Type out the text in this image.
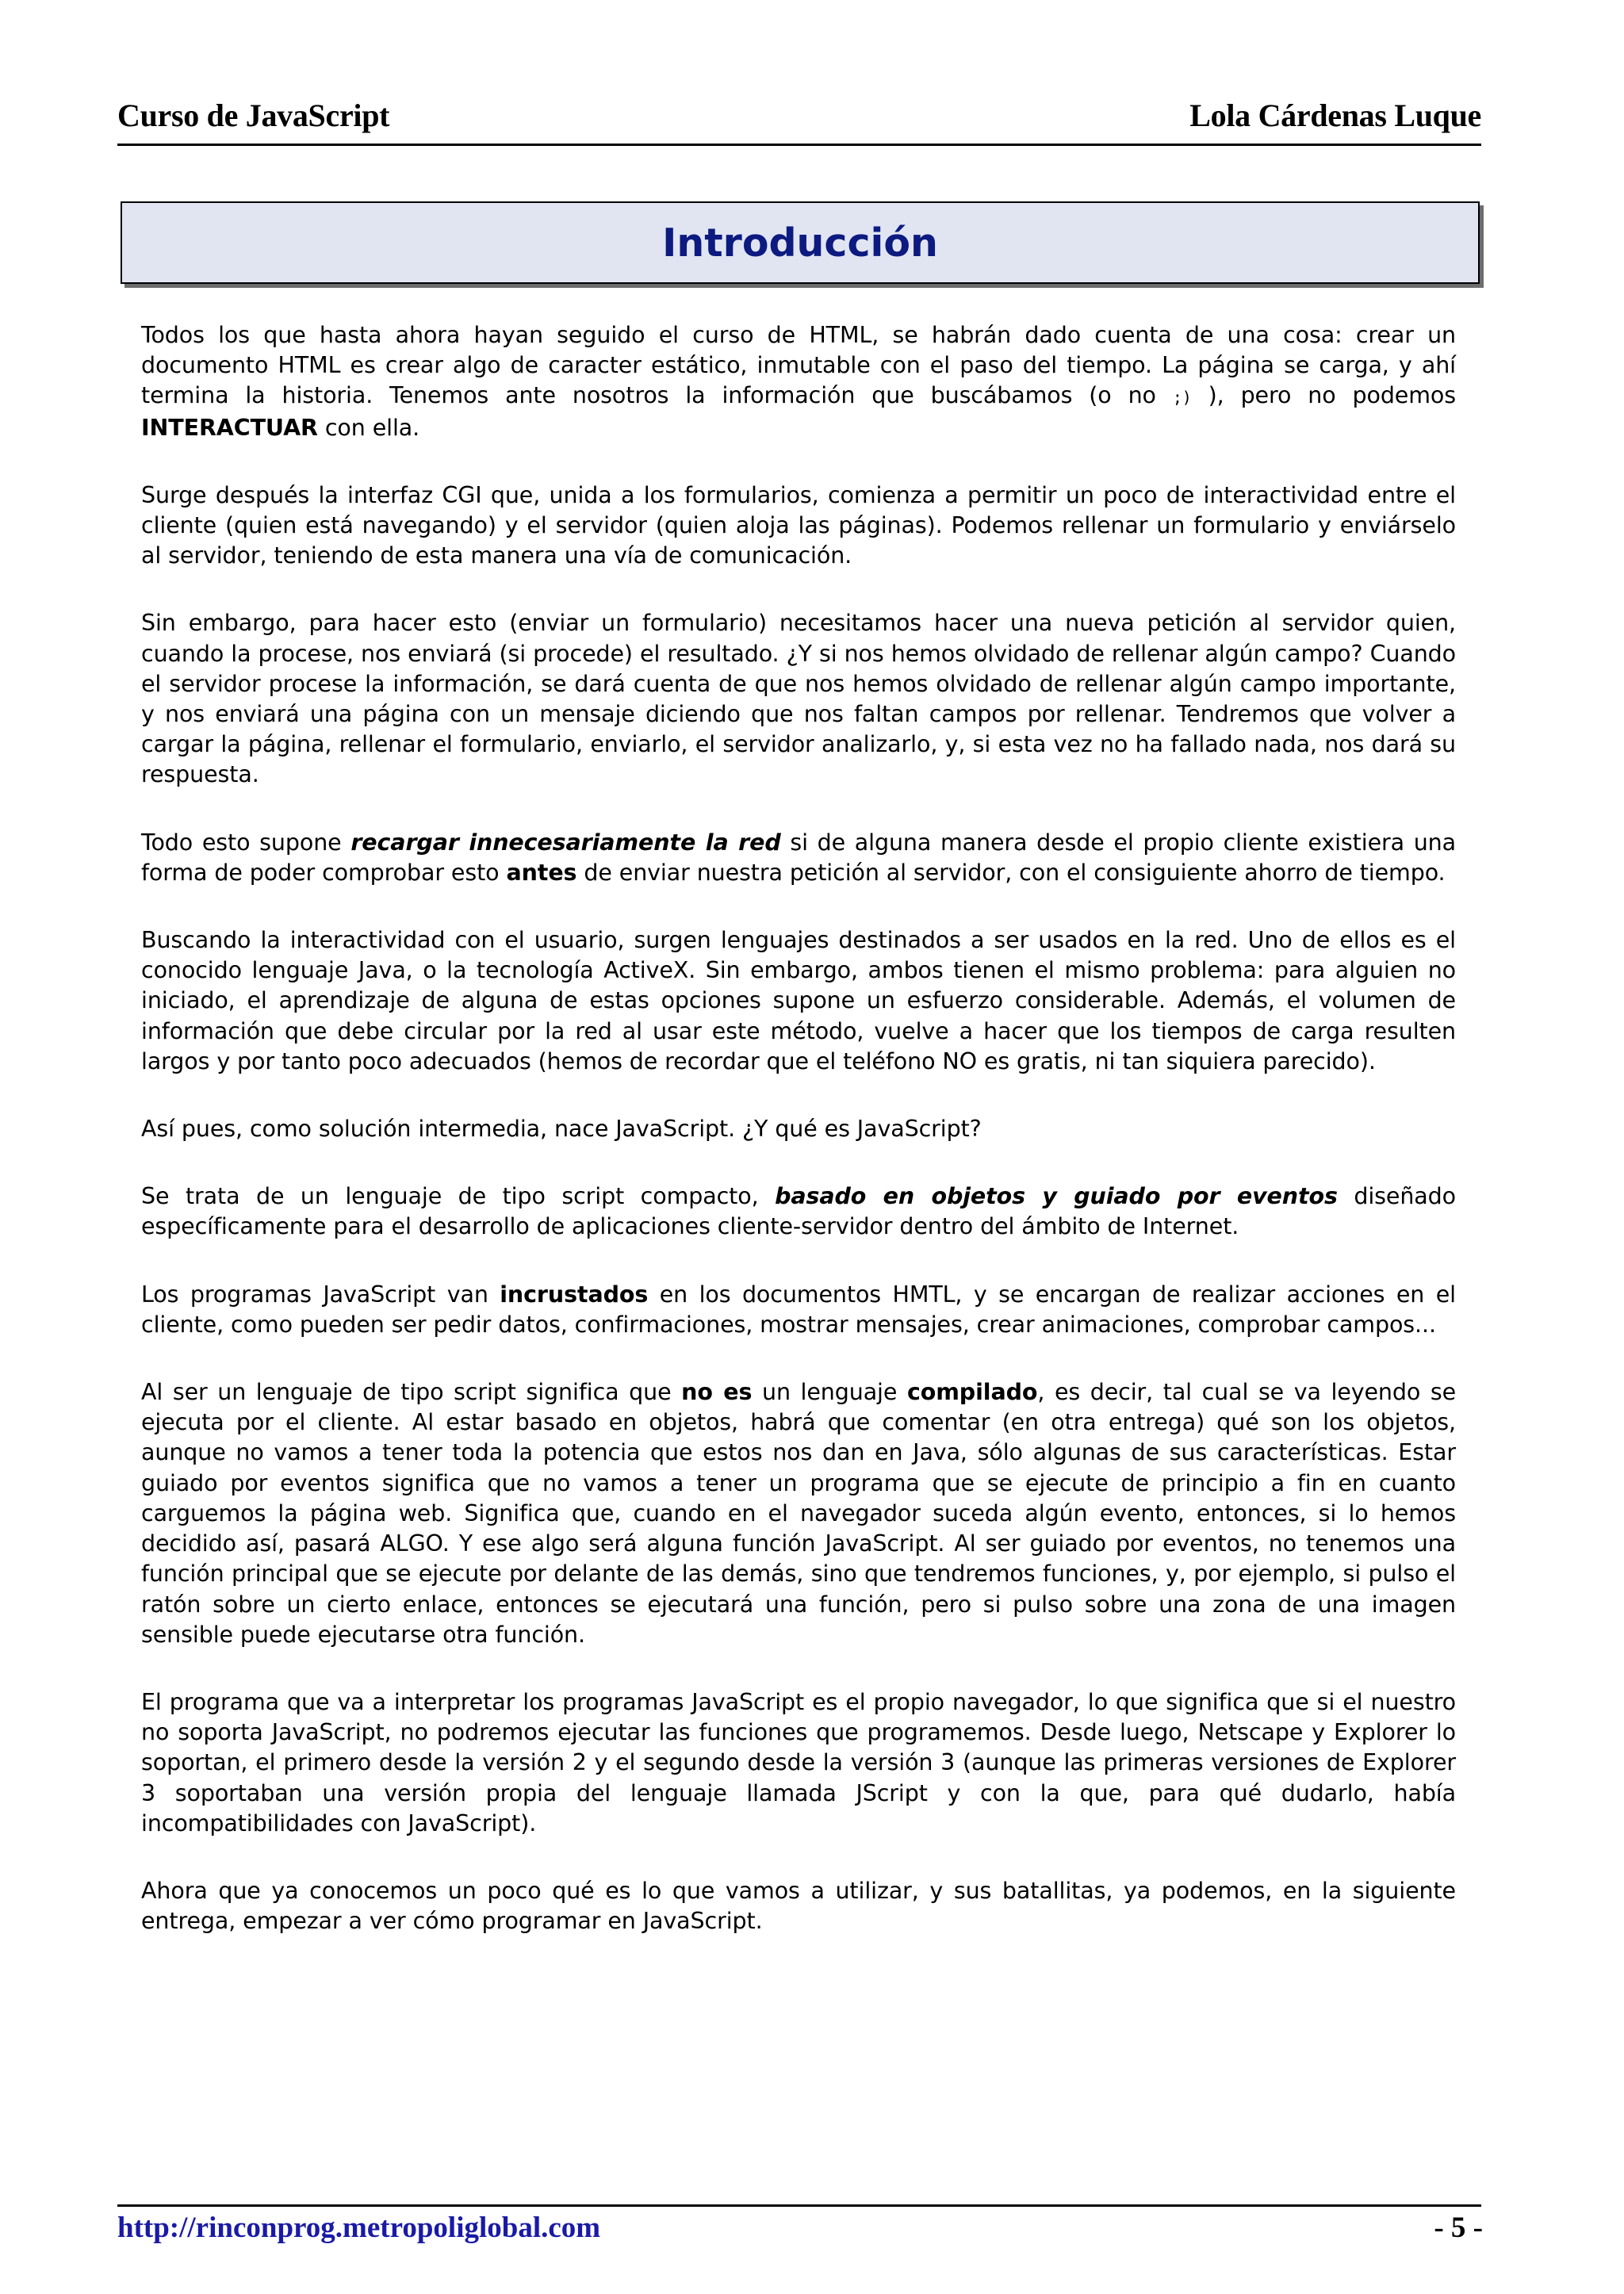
Curso de JavaScript	Lola Cárdenas Luque
Introducción

Todos los que hasta ahora hayan seguido el curso de HTML, se habrán dado cuenta de una cosa: crear un documento HTML es crear algo de caracter estático, inmutable con el paso del tiempo. La página se carga, y ahí termina la historia. Tenemos ante nosotros la información que buscábamos (o no ;) ), pero no podemos INTERACTUAR con ella.

Surge después la interfaz CGI que, unida a los formularios, comienza a permitir un poco de interactividad entre el cliente (quien está navegando) y el servidor (quien aloja las páginas). Podemos rellenar un formulario y enviárselo al servidor, teniendo de esta manera una vía de comunicación.

Sin embargo, para hacer esto (enviar un formulario) necesitamos hacer una nueva petición al servidor quien, cuando la procese, nos enviará (si procede) el resultado. ¿Y si nos hemos olvidado de rellenar algún campo? Cuando el servidor procese la información, se dará cuenta de que nos hemos olvidado de rellenar algún campo importante, y nos enviará una página con un mensaje diciendo que nos faltan campos por rellenar. Tendremos que volver a cargar la página, rellenar el formulario, enviarlo, el servidor analizarlo, y, si esta vez no ha fallado nada, nos dará su respuesta.

Todo esto supone recargar innecesariamente la red si de alguna manera desde el propio cliente existiera una forma de poder comprobar esto antes de enviar nuestra petición al servidor, con el consiguiente ahorro de tiempo.

Buscando la interactividad con el usuario, surgen lenguajes destinados a ser usados en la red. Uno de ellos es el conocido lenguaje Java, o la tecnología ActiveX. Sin embargo, ambos tienen el mismo problema: para alguien no iniciado, el aprendizaje de alguna de estas opciones supone un esfuerzo considerable. Además, el volumen de información que debe circular por la red al usar este método, vuelve a hacer que los tiempos de carga resulten largos y por tanto poco adecuados (hemos de recordar que el teléfono NO es gratis, ni tan siquiera parecido).

Así pues, como solución intermedia, nace JavaScript. ¿Y qué es JavaScript?

Se trata de un lenguaje de tipo script compacto, basado en objetos y guiado por eventos diseñado específicamente para el desarrollo de aplicaciones cliente-servidor dentro del ámbito de Internet.

Los programas JavaScript van incrustados en los documentos HMTL, y se encargan de realizar acciones en el cliente, como pueden ser pedir datos, confirmaciones, mostrar mensajes, crear animaciones, comprobar campos...

Al ser un lenguaje de tipo script significa que no es un lenguaje compilado, es decir, tal cual se va leyendo se ejecuta por el cliente. Al estar basado en objetos, habrá que comentar (en otra entrega) qué son los objetos, aunque no vamos a tener toda la potencia que estos nos dan en Java, sólo algunas de sus características. Estar guiado por eventos significa que no vamos a tener un programa que se ejecute de principio a fin en cuanto carguemos la página web. Significa que, cuando en el navegador suceda algún evento, entonces, si lo hemos decidido así, pasará ALGO. Y ese algo será alguna función JavaScript. Al ser guiado por eventos, no tenemos una función principal que se ejecute por delante de las demás, sino que tendremos funciones, y, por ejemplo, si pulso el ratón sobre un cierto enlace, entonces se ejecutará una función, pero si pulso sobre una zona de una imagen sensible puede ejecutarse otra función.

El programa que va a interpretar los programas JavaScript es el propio navegador, lo que significa que si el nuestro no soporta JavaScript, no podremos ejecutar las funciones que programemos. Desde luego, Netscape y Explorer lo soportan, el primero desde la versión 2 y el segundo desde la versión 3 (aunque las primeras versiones de Explorer 3 soportaban una versión propia del lenguaje llamada JScript y con la que, para qué dudarlo, había incompatibilidades con JavaScript).

Ahora que ya conocemos un poco qué es lo que vamos a utilizar, y sus batallitas, ya podemos, en la siguiente entrega, empezar a ver cómo programar en JavaScript.

http://rinconprog.metropoliglobal.com	- 5 -
